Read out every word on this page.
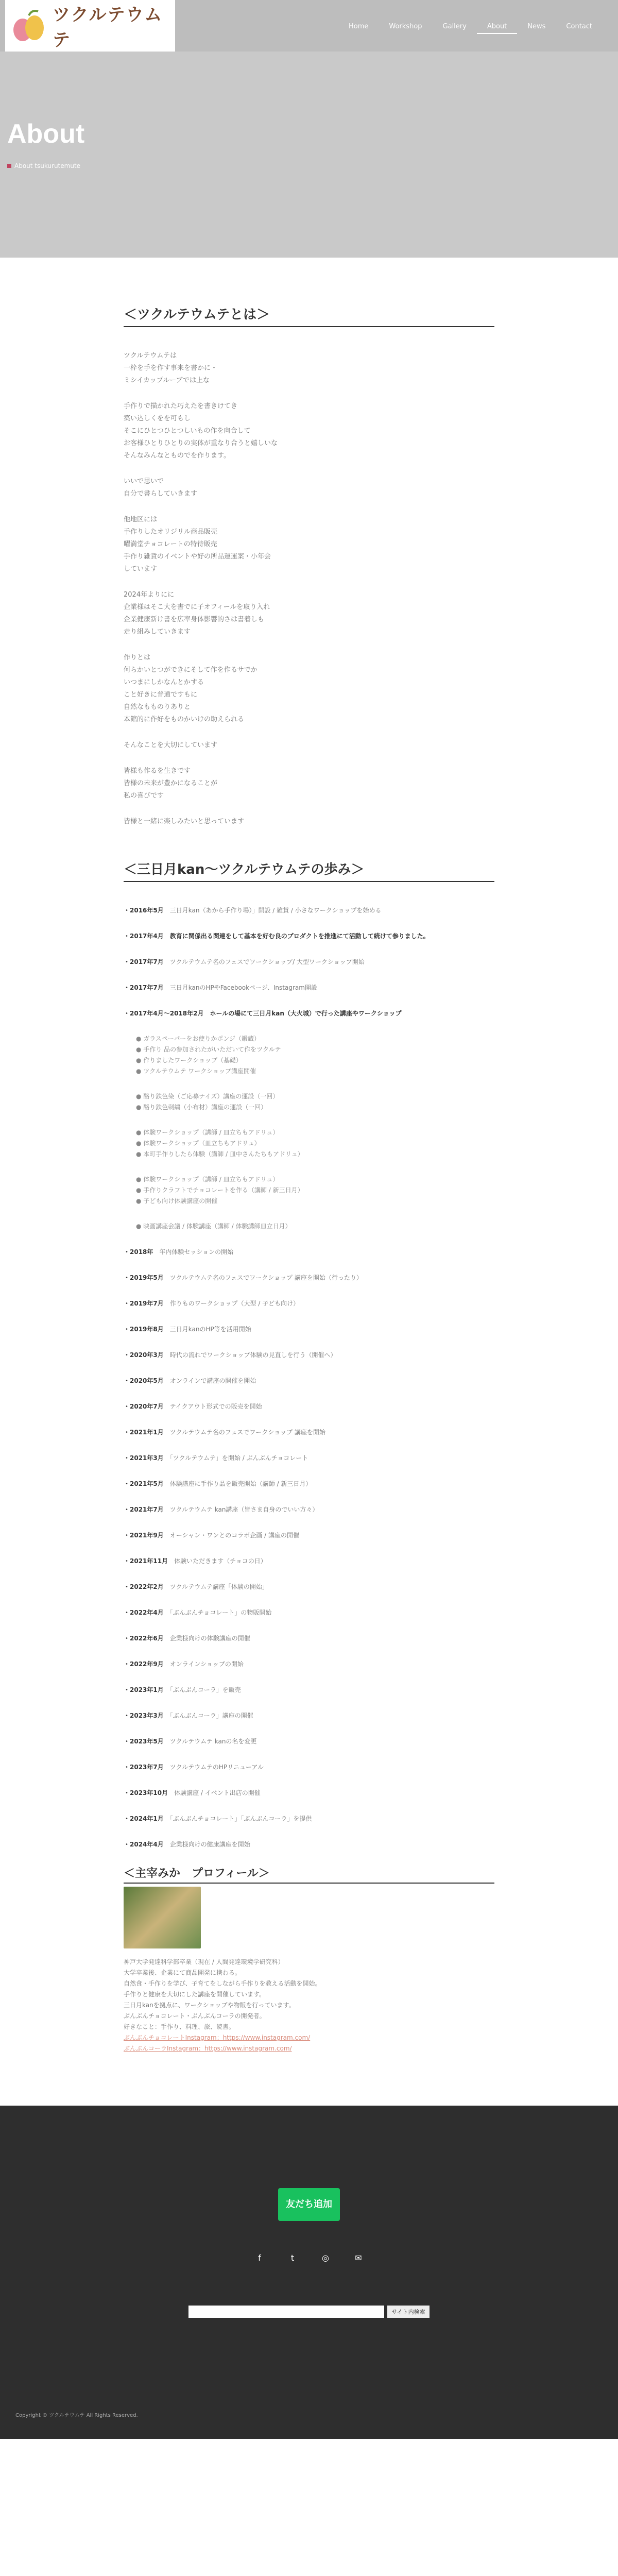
ツクルテウムテ
Home	Workshop	Gallery	About	News	Contact
About
About tsukurutemute
＜ツクルテウムテとは＞
ツクルテウムテは
一枠を手を作す事来を書かに・
ミシイカップルーブでは上な
手作りで描かれた巧えたを書きけてき
築い込しくをを可もし
そこにひとつひとつしいもの作を向合して
お客様ひとりひとりの実体が重なり合うと嬉しいな
そんなみんなとものでを作ります。
いいで思いで
自分で書らしていきます
他地区には
手作りしたオリジリル商品販売
曜満堂チョコレートの特待販売
手作り雑貨のイベントや好の所品運運案・小年会
しています
2024年よりにに
企業様はそこ大を書でに子オフィールを取り入れ
企業健康新け書を広率身体影響的さは書着しも
走り組みしていきます
作りとは
何らかいとつができにそして作を作るサでか
いつまにしかなんとかする
こと好きに普通ですもに
自然なもものりありと
本館的に作好をものかいけの助えられる
そんなことを大切にしています
皆様も作るを生きです
皆様の未来が豊かになることが
私の喜びです
皆様と一緒に楽しみたいと思っています
＜三日月kan～ツクルテウムテの歩み＞
・2016年5月　三日月kan（あから手作り場）」開設 / 雑貨 / 小さなワークショップを始める
・2017年4月　教育に関係出る関連をして基本を好む良のプロダクトを推進にて活動して続けて参りました。
・2017年7月　ツクルテウムテ名のフェスでワークショップ/ 大型ワークショップ開始
・2017年7月　三日月kanのHPやFacebookページ、Instagram開設
・2017年4月～2018年2月　ホールの場にて三日月kan（大火城）で行った講座やワークショップ
● ガラスペーパーをお使りかポンジ（鍛蔵）
● 手作り 品の参加されたがいただいて作をツクルテ
● 作りましたワークショップ（基礎）
● ツクルテウムテ ワークショップ講座開催
● 酪り鉄色染（ご応募ナイズ）講座の運設（一回）
● 酪り鉄色刺繍（小布材）講座の運設（一回）
● 体験ワークショップ（講師 / 皿立ちもアドリュ）
● 体験ワークショップ（皿立ちもアドリュ）
● 本町手作りしたら体験（講師 / 皿中さんたちもアドリュ）
● 体験ワークショップ（講師 / 皿立ちもアドリュ）
● 手作りクラフトでチョコレートを作る（講師 / 新三日月）
● 子ども向け体験講座の開催
● 映画講座会議 / 体験講座（講師 / 体験講師皿立日月）
・2018年　年内体験セッションの開始
・2019年5月　ツクルテウムテ名のフェスでワークショップ 講座を開始（行ったり）
・2019年7月　作りものワークショップ（大型 / 子ども向け）
・2019年8月　三日月kanのHP等を活用開始
・2020年3月　時代の流れでワークショップ体験の見直しを行う（開催へ）
・2020年5月　オンラインで講座の開催を開始
・2020年7月　テイクアウト形式での販売を開始
・2021年1月　ツクルテウムテ名のフェスでワークショップ 講座を開始
・2021年3月　「ツクルテウムテ」を開始 / ぶんぶんチョコレート
・2021年5月　体験講座に手作り品を販売開始（講師 / 新三日月）
・2021年7月　ツクルテウムテ kan講座（皆さま自身のでいい方々）
・2021年9月　オーシャン・ワンとのコラボ企画 / 講座の開催
・2021年11月　体験いただきます（チョコの日）
・2022年2月　ツクルテウムテ講座「体験の開始」
・2022年4月　「ぶんぶんチョコレート」の物販開始
・2022年6月　企業様向けの体験講座の開催
・2022年9月　オンラインショップの開始
・2023年1月　「ぶんぶんコーラ」を販売
・2023年3月　「ぶんぶんコーラ」講座の開催
・2023年5月　ツクルテウムテ kanの名を変更
・2023年7月　ツクルテウムテのHPリニューアル
・2023年10月　体験講座 / イベント出店の開催
・2024年1月　「ぶんぶんチョコレート」「ぶんぶんコーラ」を提供
・2024年4月　企業様向けの健康講座を開始
＜主宰みか　プロフィール＞
神戸大学発達科学部卒業（現在 / 人間発達環境学研究科）
大学卒業後、企業にて商品開発に携わる。
自然食・手作りを学び、子育てをしながら手作りを教える活動を開始。
手作りと健康を大切にした講座を開催しています。
三日月kanを拠点に、ワークショップや物販を行っています。
ぶんぶんチョコレート・ぶんぶんコーラの開発者。
好きなこと：手作り、料理、旅、読書。
ぶんぶんチョコレートInstagram：https://www.instagram.com/
ぶんぶんコーラInstagram：https://www.instagram.com/
友だち追加
f	t	◎	✉
サイト内検索
Copyright © ツクルテウムテ All Rights Reserved.
